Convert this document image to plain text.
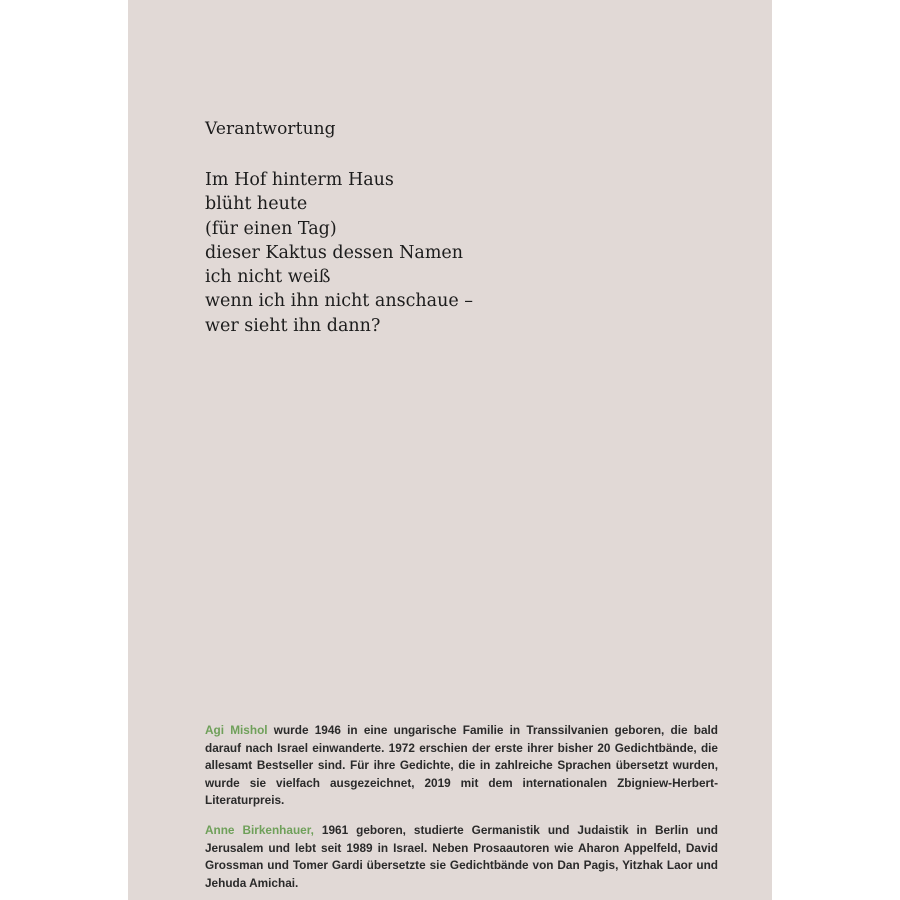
Verantwortung
Im Hof hinterm Haus
blüht heute
(für einen Tag)
dieser Kaktus dessen Namen
ich nicht weiß
wenn ich ihn nicht anschaue –
wer sieht ihn dann?

Agi Mishol wurde 1946 in eine ungarische Familie in Transsilvanien geboren, die bald darauf nach Israel einwanderte. 1972 erschien der erste ihrer bisher 20 Gedichtbände, die allesamt Bestseller sind. Für ihre Gedichte, die in zahlreiche Sprachen übersetzt wurden, wurde sie vielfach ausgezeichnet, 2019 mit dem internationalen Zbigniew-Herbert-Literaturpreis.

Anne Birkenhauer, 1961 geboren, studierte Germanistik und Judaistik in Berlin und Jerusalem und lebt seit 1989 in Israel. Neben Prosaautoren wie Aharon Appelfeld, David Grossman und Tomer Gardi übersetzte sie Gedichtbände von Dan Pagis, Yitzhak Laor und Jehuda Amichai.
